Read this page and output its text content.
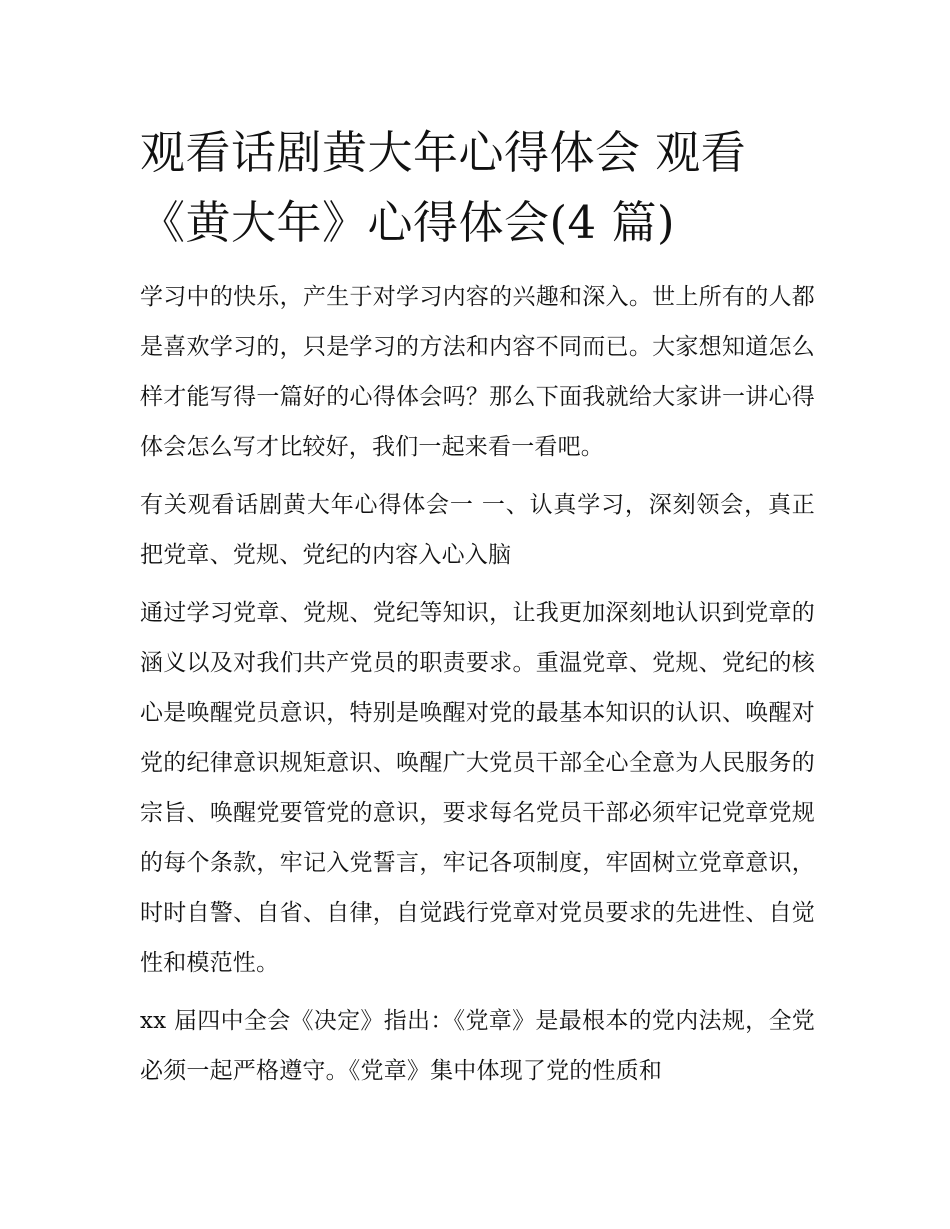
观看话剧黄大年心得体会 观看《黄大年》心得体会(4 篇)

学习中的快乐，产生于对学习内容的兴趣和深入。世上所有的人都是喜欢学习的，只是学习的方法和内容不同而已。大家想知道怎么样才能写得一篇好的心得体会吗？那么下面我就给大家讲一讲心得体会怎么写才比较好，我们一起来看一看吧。

有关观看话剧黄大年心得体会一 一、认真学习，深刻领会，真正把党章、党规、党纪的内容入心入脑

通过学习党章、党规、党纪等知识，让我更加深刻地认识到党章的涵义以及对我们共产党员的职责要求。重温党章、党规、党纪的核心是唤醒党员意识，特别是唤醒对党的最基本知识的认识、唤醒对党的纪律意识规矩意识、唤醒广大党员干部全心全意为人民服务的宗旨、唤醒党要管党的意识，要求每名党员干部必须牢记党章党规的每个条款，牢记入党誓言，牢记各项制度，牢固树立党章意识，时时自警、自省、自律，自觉践行党章对党员要求的先进性、自觉性和模范性。

xx 届四中全会《决定》指出：《党章》是最根本的党内法规，全党必须一起严格遵守。《党章》集中体现了党的性质和
